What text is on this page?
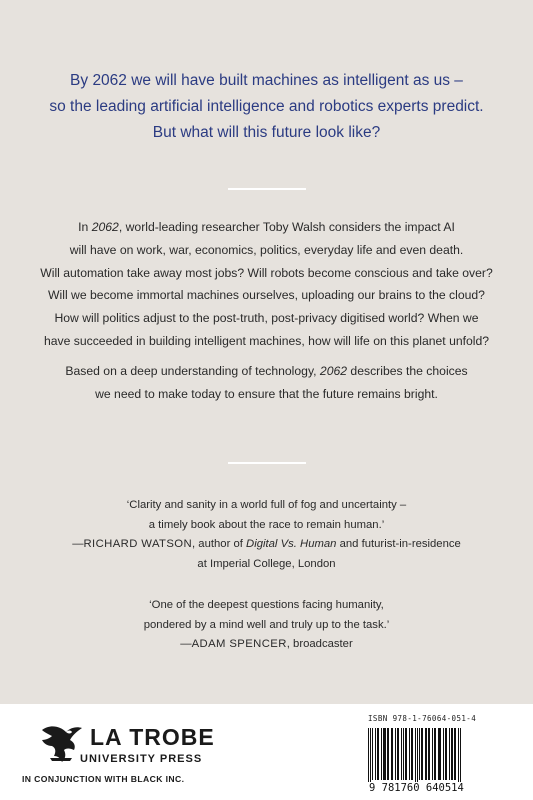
By 2062 we will have built machines as intelligent as us –
so the leading artificial intelligence and robotics experts predict.
But what will this future look like?
In 2062, world-leading researcher Toby Walsh considers the impact AI
will have on work, war, economics, politics, everyday life and even death.
Will automation take away most jobs? Will robots become conscious and take over?
Will we become immortal machines ourselves, uploading our brains to the cloud?
How will politics adjust to the post-truth, post-privacy digitised world? When we
have succeeded in building intelligent machines, how will life on this planet unfold?
Based on a deep understanding of technology, 2062 describes the choices
we need to make today to ensure that the future remains bright.
‘Clarity and sanity in a world full of fog and uncertainty –
a timely book about the race to remain human.’
—RICHARD WATSON, author of Digital Vs. Human and futurist-in-residence
at Imperial College, London
‘One of the deepest questions facing humanity,
pondered by a mind well and truly up to the task.’
—ADAM SPENCER, broadcaster
LA TROBE
UNIVERSITY PRESS
IN CONJUNCTION WITH BLACK INC.
ISBN 978-1-76064-051-4
9 781760 640514
